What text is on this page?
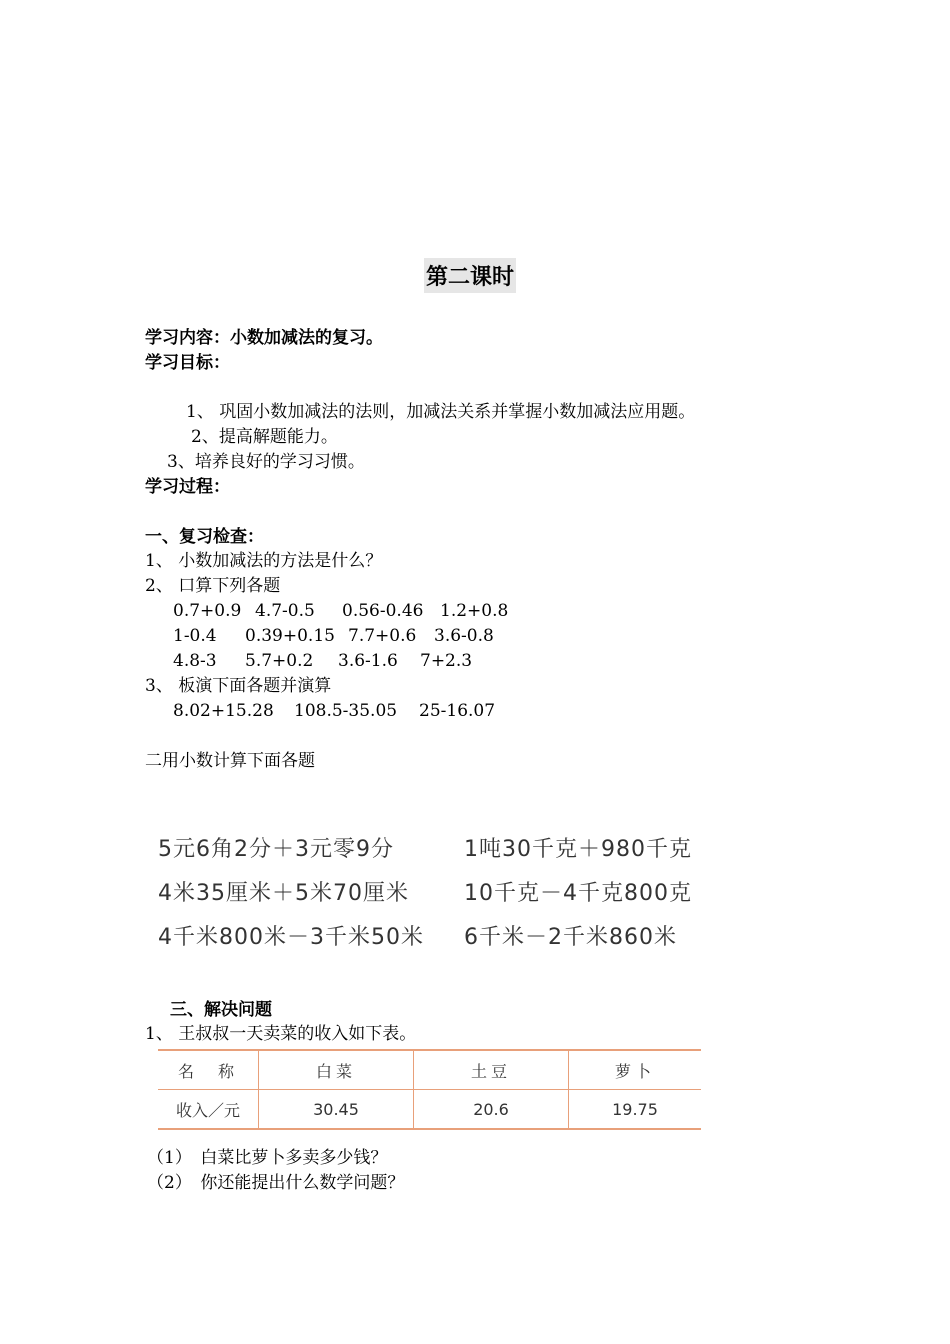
第二课时
学习内容：小数加减法的复习。
学习目标：
1、 巩固小数加减法的法则，加减法关系并掌握小数加减法应用题。
2、提高解题能力。
3、培养良好的学习习惯。
学习过程：
一、复习检查：
1、 小数加减法的方法是什么？
2、 口算下列各题
0.7+0.9 4.7-0.5 0.56-0.46 1.2+0.8
1-0.4 0.39+0.15 7.7+0.6 3.6-0.8
4.8-3 5.7+0.2 3.6-1.6 7+2.3
3、 板演下面各题并演算
8.02+15.28 108.5-35.05 25-16.07
二用小数计算下面各题
5元6角2分＋3元零9分	1吨30千克＋980千克
4米35厘米＋5米70厘米	10千克－4千克800克
4千米800米－3千米50米 6千米－2千米860米
三、解决问题
1、 王叔叔一天卖菜的收入如下表。
名　称	白菜	土豆	萝卜
收入／元	30.45	20.6	19.75
（1）　白菜比萝卜多卖多少钱？
（2）　你还能提出什么数学问题？
